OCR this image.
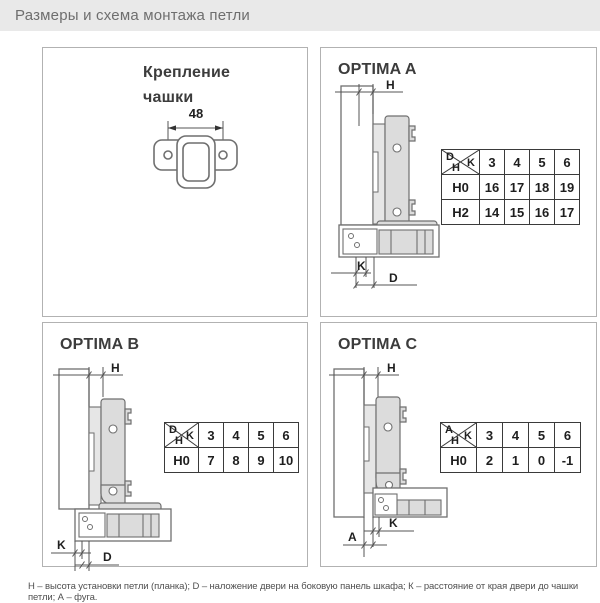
Размеры и схема монтажа петли
Крепление
чашки
48
OPTIMA A
H
K
D
D K
H	3	4	5	6
H0	16	17	18	19
H2	14	15	16	17
OPTIMA B
H
K
D
D K
H	3	4	5	6
H0	7	8	9	10
OPTIMA C
H
K
A
A K
H	3	4	5	6
H0	2	1	0	-1
Н – высота установки петли (планка); D – наложение двери на боковую панель шкафа; К – расстояние от края двери до чашки петли; А – фуга.
